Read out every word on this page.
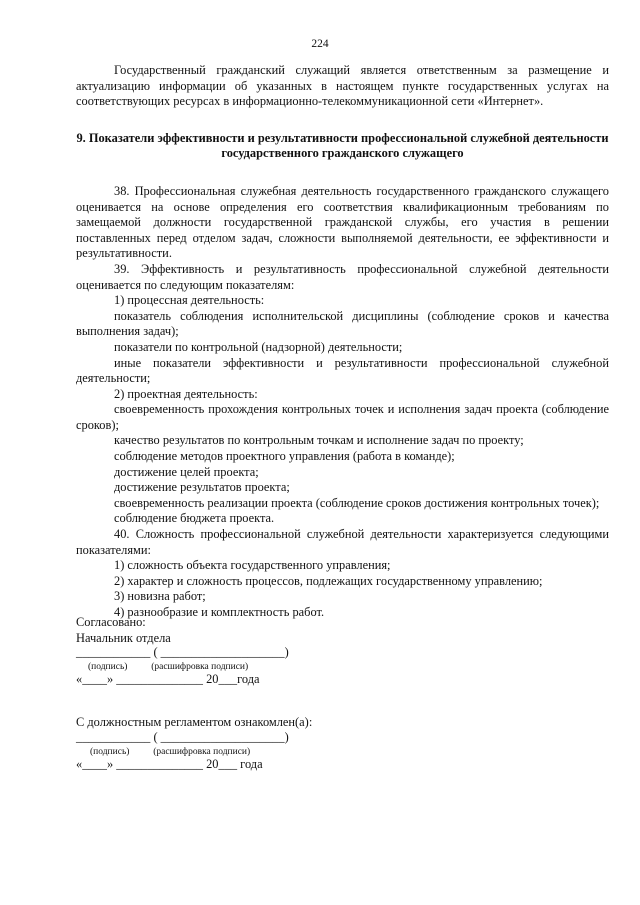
224

Государственный гражданский служащий является ответственным за размещение и актуализацию информации об указанных в настоящем пункте государственных услугах на соответствующих ресурсах в информационно-телекоммуникационной сети «Интернет».

9. Показатели эффективности и результативности профессиональной служебной деятельности государственного гражданского служащего

38. Профессиональная служебная деятельность государственного гражданского служащего оценивается на основе определения его соответствия квалификационным требованиям по замещаемой должности государственной гражданской службы, его участия в решении поставленных перед отделом задач, сложности выполняемой деятельности, ее эффективности и результативности.

39. Эффективность и результативность профессиональной служебной деятельности оценивается по следующим показателям:

1) процессная деятельность:

показатель соблюдения исполнительской дисциплины (соблюдение сроков и качества выполнения задач);

показатели по контрольной (надзорной) деятельности;

иные показатели эффективности и результативности профессиональной служебной деятельности;

2) проектная деятельность:

своевременность прохождения контрольных точек и исполнения задач проекта (соблюдение сроков);

качество результатов по контрольным точкам и исполнение задач по проекту;

соблюдение методов проектного управления (работа в команде);

достижение целей проекта;

достижение результатов проекта;

своевременность реализации проекта (соблюдение сроков достижения контрольных точек);

соблюдение бюджета проекта.

40. Сложность профессиональной служебной деятельности характеризуется следующими показателями:

1) сложность объекта государственного управления;

2) характер и сложность процессов, подлежащих государственному управлению;

3) новизна работ;

4) разнообразие и комплектность работ.

Согласовано:
Начальник отдела
____________ ( ____________________)
(подпись)          (расшифровка подписи)
«____» ______________ 20___года
С должностным регламентом ознакомлен(а):
____________ ( ____________________)
(подпись)          (расшифровка подписи)
«____» ______________ 20___ года
